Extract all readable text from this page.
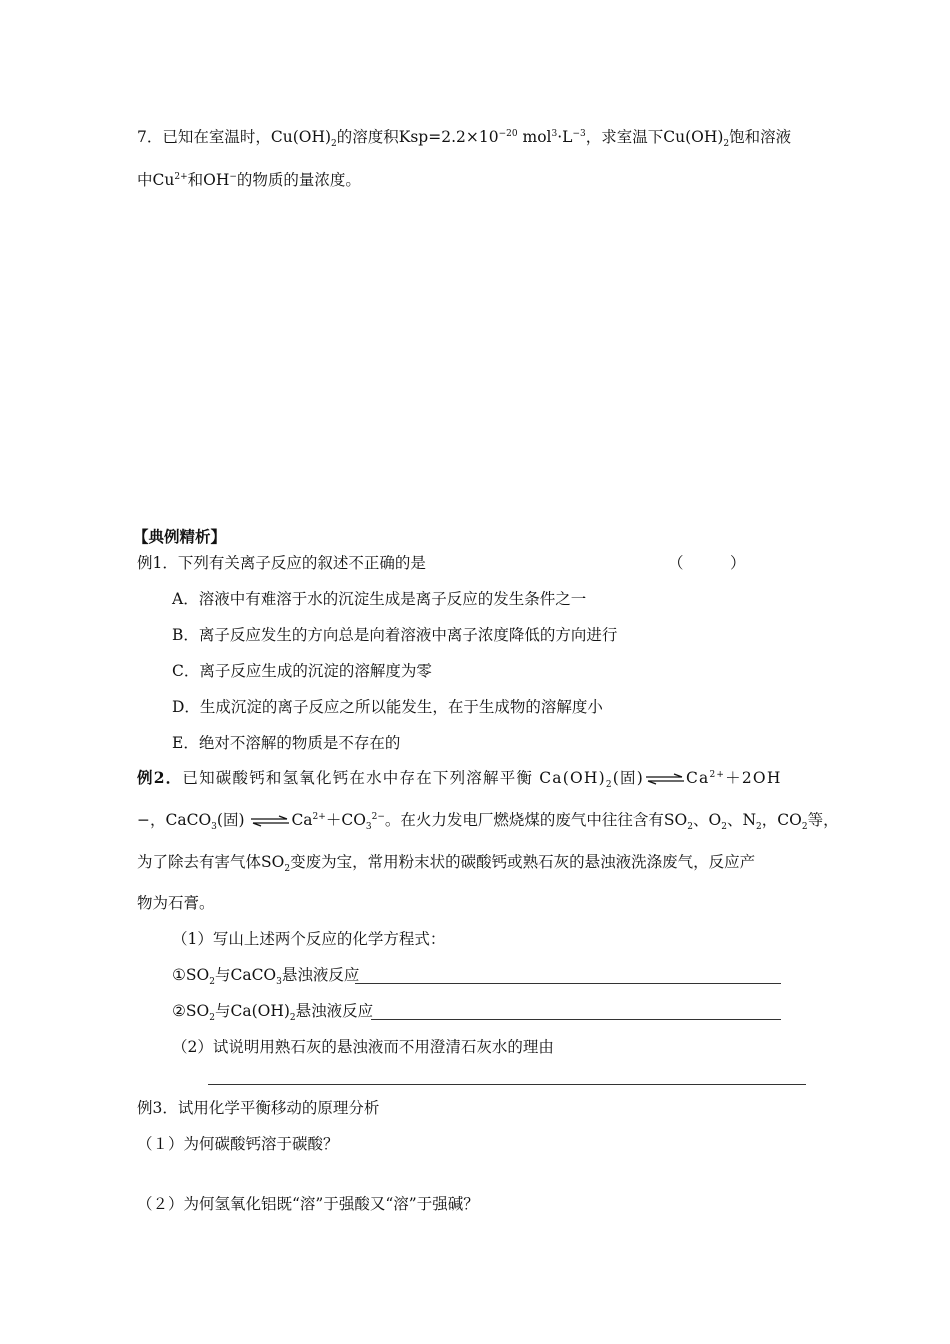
7．已知在室温时，$Cu(OH)_2$的溶度积$Ksp=2.2\times 10^{-20}$ $mol^3\cdot L^{-3}$，求室温下$Cu(OH)_2$饱和溶液
中$Cu^{2+}$和OH−的物质的量浓度。
【典例精析】
例1．下列有关离子反应的叙述不正确的是	（　　　）
A．溶液中有难溶于水的沉淀生成是离子反应的发生条件之一
B．离子反应发生的方向总是向着溶液中离子浓度降低的方向进行
C．离子反应生成的沉淀的溶解度为零
D．生成沉淀的离子反应之所以能发生，在于生成物的溶解度小
E．绝对不溶解的物质是不存在的
例2．已知碳酸钙和氢氧化钙在水中存在下列溶解平衡 $Ca(OH)_2$(固)$\rightleftharpoons Ca^{2+}+2OH$
−，CaCO$_3$(固) $\rightleftharpoons Ca^{2+}+CO_3^{2-}$。在火力发电厂燃烧煤的废气中往往含有$SO_2$、$O_2$、$N_2$，$CO_2$等，
为了除去有害气体$SO_2$变废为宝，常用粉末状的碳酸钙或熟石灰的悬浊液洗涤废气，反应产
物为石膏。
（1）写山上述两个反应的化学方程式：
$①SO_2$与CaCO$_3$悬浊液反应
$②SO_2$与$Ca(OH)_2$悬浊液反应
（2）试说明用熟石灰的悬浊液而不用澄清石灰水的理由
例3．试用化学平衡移动的原理分析
（１）为何碳酸钙溶于碳酸？
（２）为何氢氧化铝既“溶”于强酸又“溶”于强碱？
